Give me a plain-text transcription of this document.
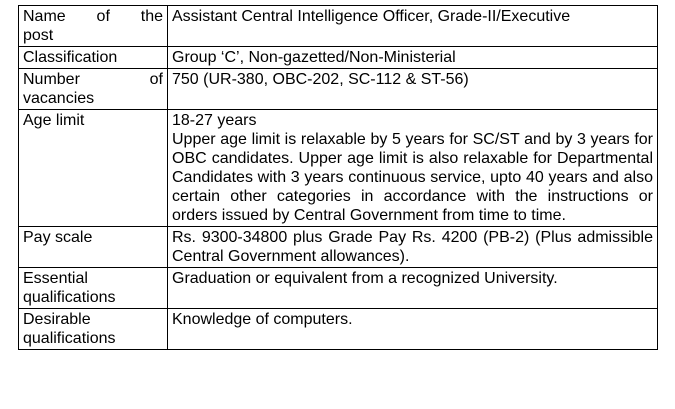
Name of the
post	Assistant Central Intelligence Officer, Grade-II/Executive

Classification	Group ‘C’, Non-gazetted/Non-Ministerial

Number of
vacancies	750 (UR-380, OBC-202, SC-112 & ST-56)

Age limit	18-27 years
Upper age limit is relaxable by 5 years for SC/ST and by 3 years for OBC candidates. Upper age limit is also relaxable for Departmental Candidates with 3 years continuous service, upto 40 years and also certain other categories in accordance with the instructions or orders issued by Central Government from time to time.

Pay scale	Rs. 9300-34800 plus Grade Pay Rs. 4200 (PB-2) (Plus admissible Central Government allowances).

Essential
qualifications	Graduation or equivalent from a recognized University.

Desirable
qualifications	Knowledge of computers.
